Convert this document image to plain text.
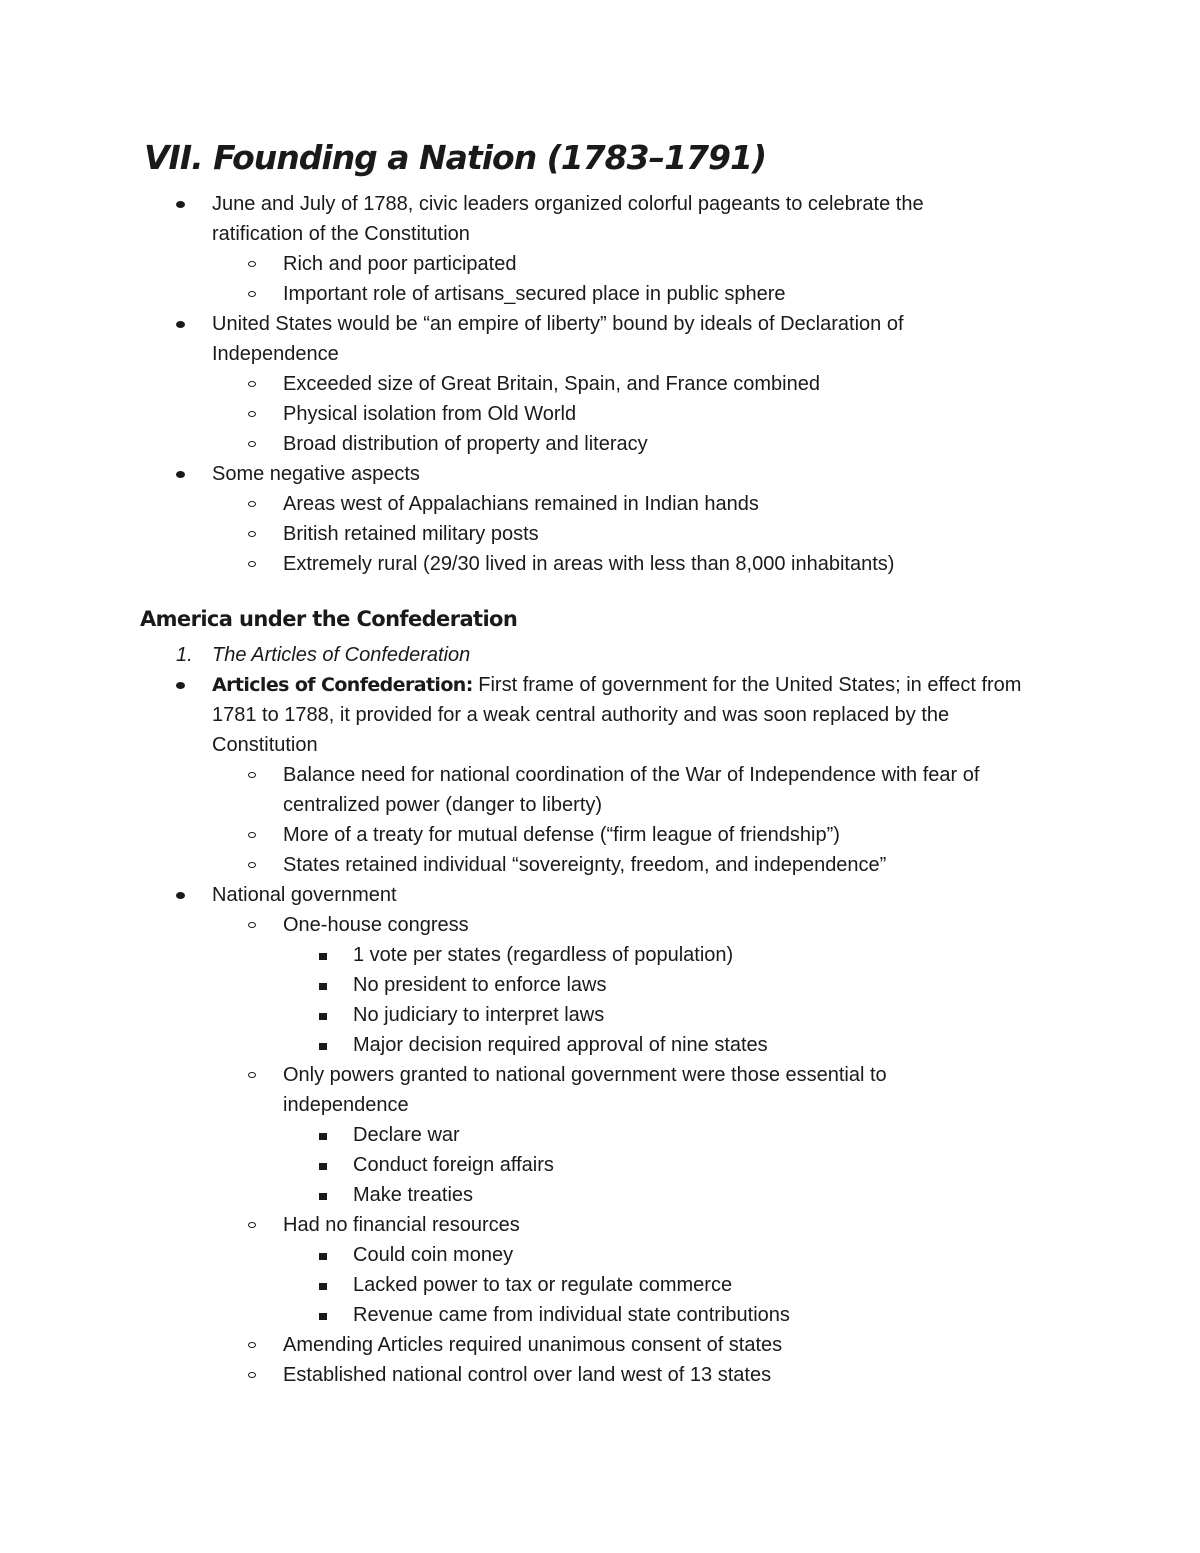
VII. Founding a Nation (1783–1791)
June and July of 1788, civic leaders organized colorful pageants to celebrate the
ratification of the Constitution
Rich and poor participated
Important role of artisans_secured place in public sphere
United States would be “an empire of liberty” bound by ideals of Declaration of
Independence
Exceeded size of Great Britain, Spain, and France combined
Physical isolation from Old World
Broad distribution of property and literacy
Some negative aspects
Areas west of Appalachians remained in Indian hands
British retained military posts
Extremely rural (29/30 lived in areas with less than 8,000 inhabitants)
America under the Confederation
1. The Articles of Confederation
Articles of Confederation: First frame of government for the United States; in effect from
1781 to 1788, it provided for a weak central authority and was soon replaced by the
Constitution
Balance need for national coordination of the War of Independence with fear of
centralized power (danger to liberty)
More of a treaty for mutual defense (“firm league of friendship”)
States retained individual “sovereignty, freedom, and independence”
National government
One-house congress
1 vote per states (regardless of population)
No president to enforce laws
No judiciary to interpret laws
Major decision required approval of nine states
Only powers granted to national government were those essential to
independence
Declare war
Conduct foreign affairs
Make treaties
Had no financial resources
Could coin money
Lacked power to tax or regulate commerce
Revenue came from individual state contributions
Amending Articles required unanimous consent of states
Established national control over land west of 13 states
